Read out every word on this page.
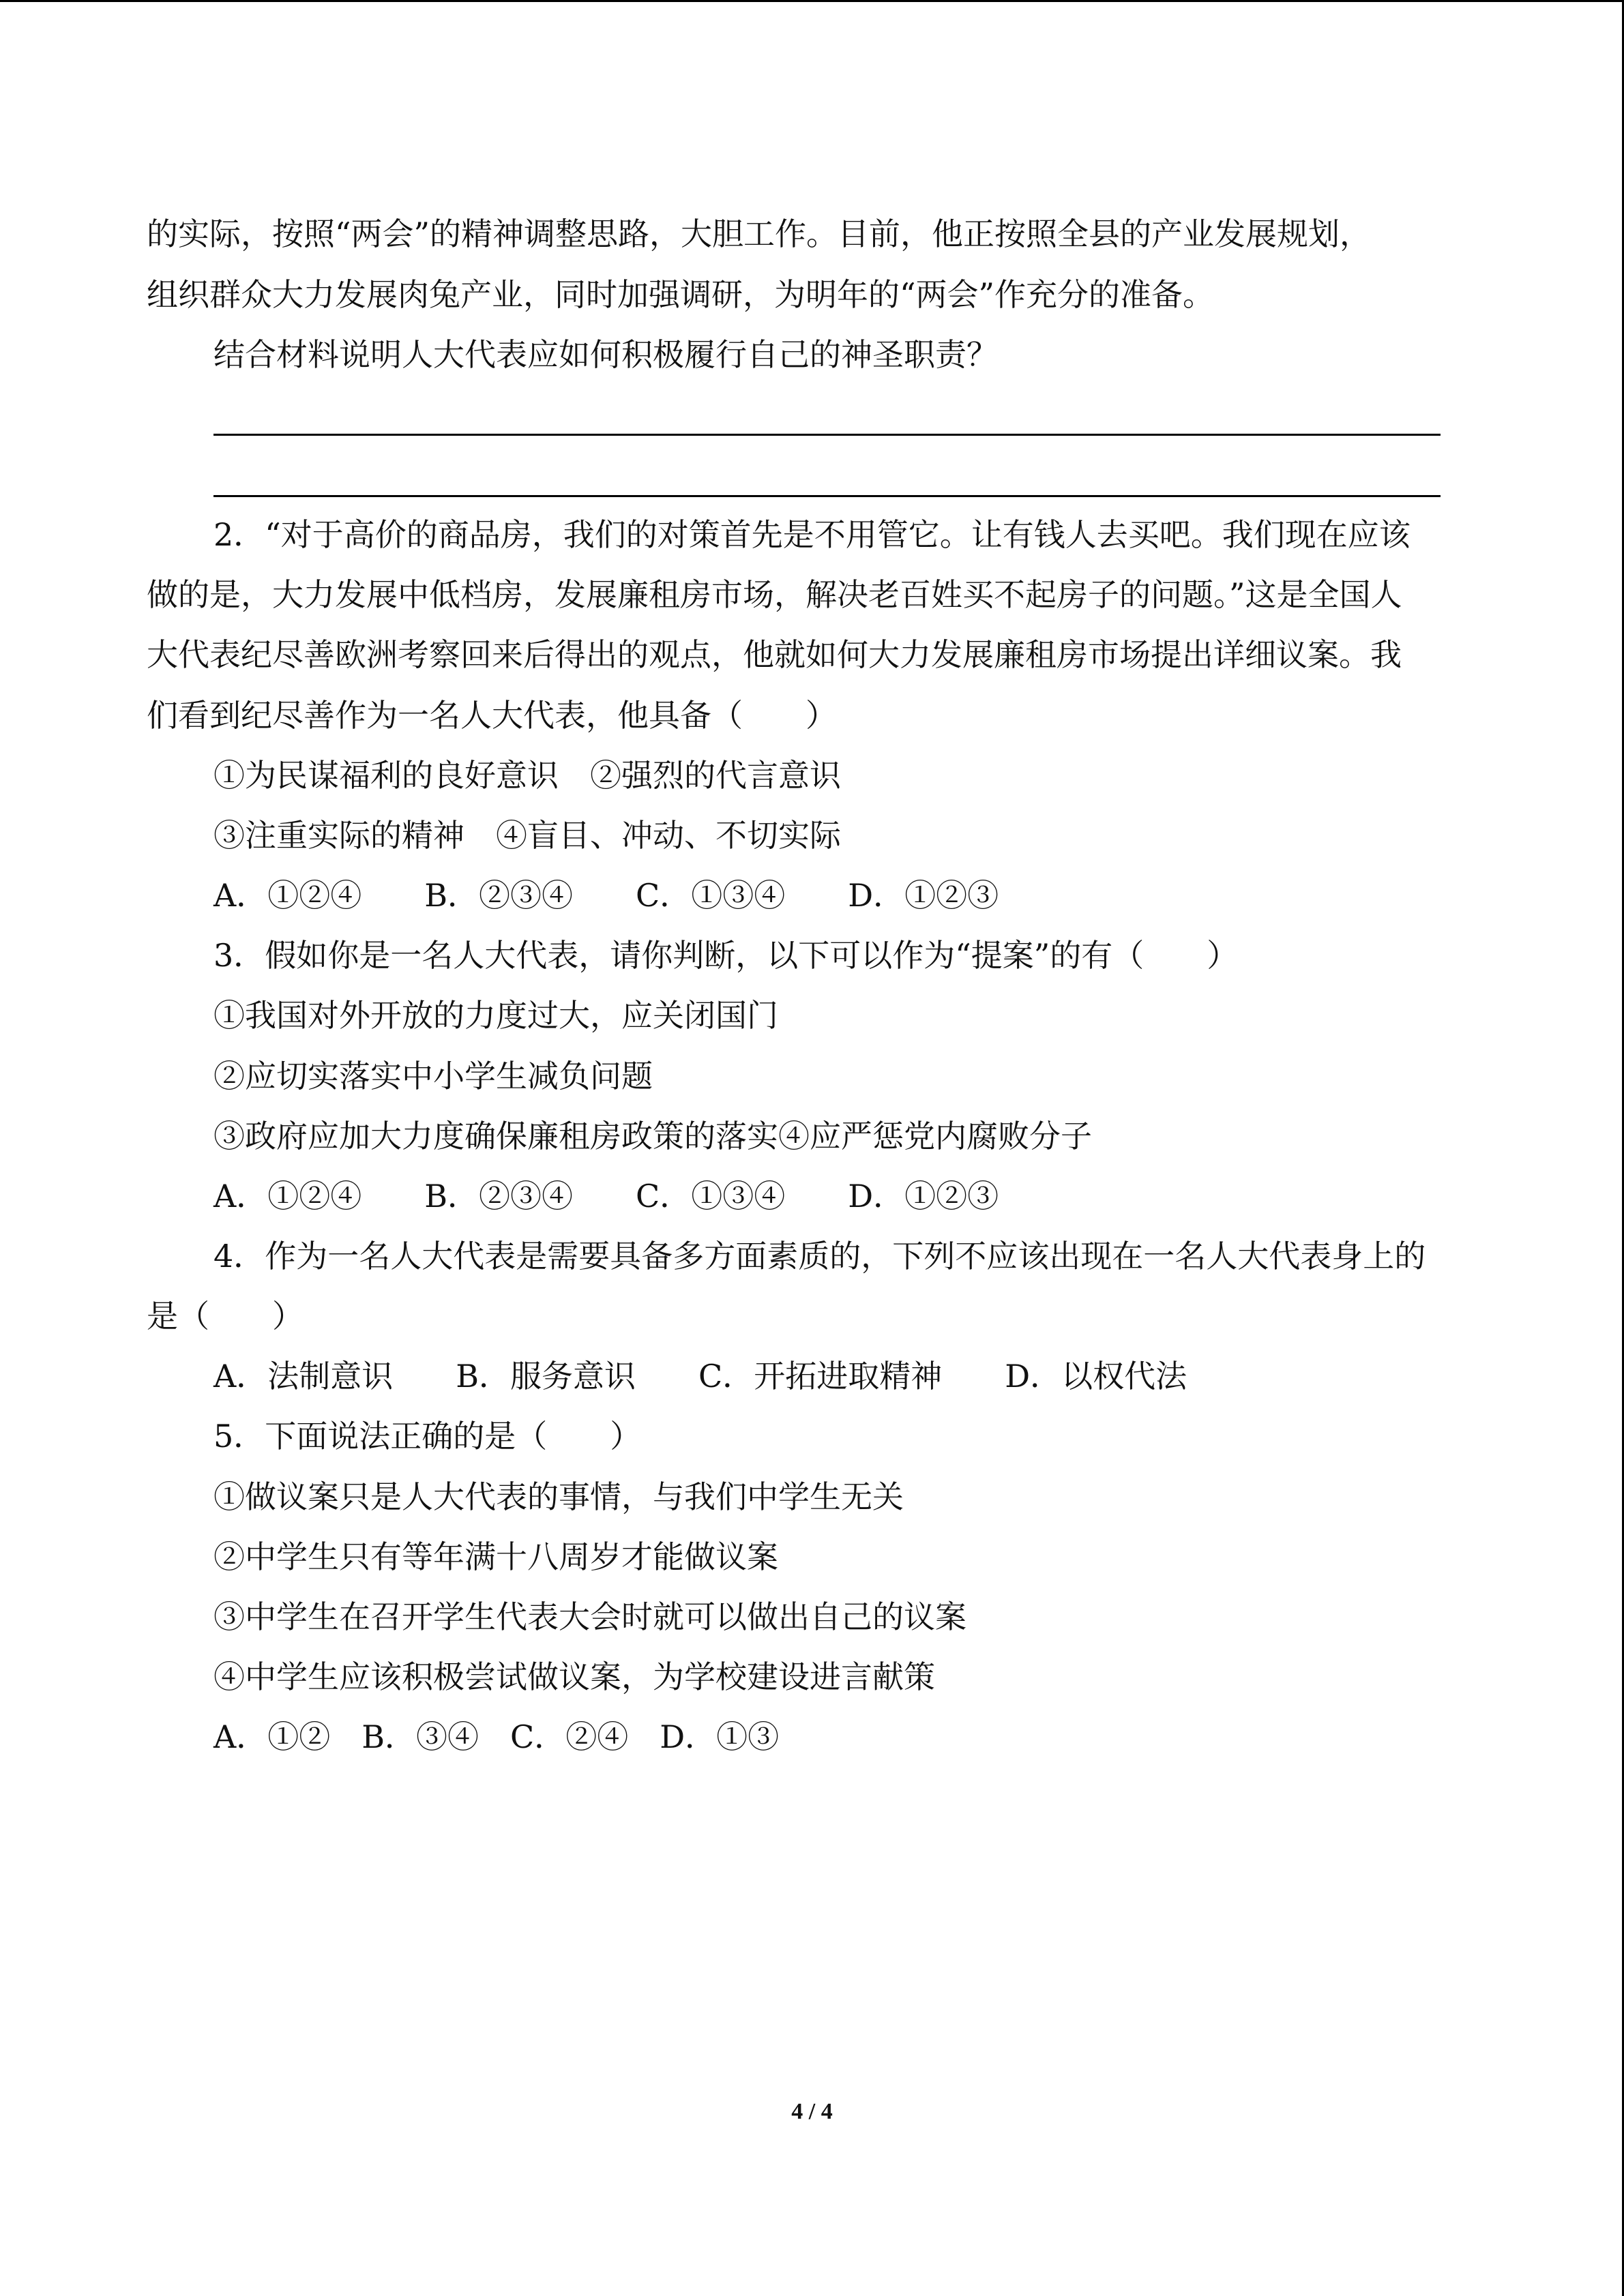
的实际，按照“两会”的精神调整思路，大胆工作。目前，他正按照全县的产业发展规划，
组织群众大力发展肉兔产业，同时加强调研，为明年的“两会”作充分的准备。
结合材料说明人大代表应如何积极履行自己的神圣职责？
2．“对于高价的商品房，我们的对策首先是不用管它。让有钱人去买吧。我们现在应该
做的是，大力发展中低档房，发展廉租房市场，解决老百姓买不起房子的问题。”这是全国人
大代表纪尽善欧洲考察回来后得出的观点，他就如何大力发展廉租房市场提出详细议案。我
们看到纪尽善作为一名人大代表，他具备（　　）
①为民谋福利的良好意识　②强烈的代言意识
③注重实际的精神　④盲目、冲动、不切实际
A．①②④　　B．②③④　　C．①③④　　D．①②③
3．假如你是一名人大代表，请你判断，以下可以作为“提案”的有（　　）
①我国对外开放的力度过大，应关闭国门
②应切实落实中小学生减负问题
③政府应加大力度确保廉租房政策的落实④应严惩党内腐败分子
A．①②④　　B．②③④　　C．①③④　　D．①②③
4．作为一名人大代表是需要具备多方面素质的，下列不应该出现在一名人大代表身上的
是（　　）
A．法制意识　　B．服务意识　　C．开拓进取精神　　D．以权代法
5．下面说法正确的是（　　）
①做议案只是人大代表的事情，与我们中学生无关
②中学生只有等年满十八周岁才能做议案
③中学生在召开学生代表大会时就可以做出自己的议案
④中学生应该积极尝试做议案，为学校建设进言献策
A．①②　B．③④　C．②④　D．①③
4 / 4
